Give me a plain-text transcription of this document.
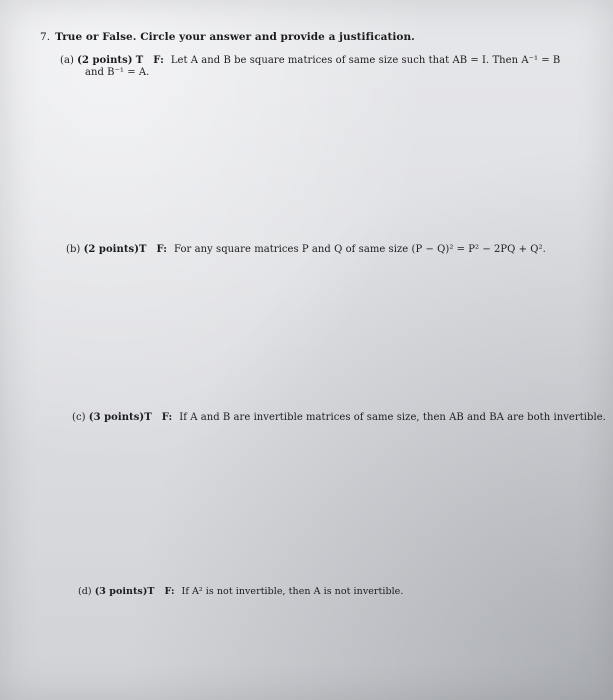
7. True or False. Circle your answer and provide a justification.
(a) (2 points) T F: Let A and B be square matrices of same size such that AB = I. Then A⁻¹ = B
and B⁻¹ = A.
(b) (2 points)T F: For any square matrices P and Q of same size (P − Q)² = P² − 2PQ + Q².
(c) (3 points)T F: If A and B are invertible matrices of same size, then AB and BA are both invertible.
(d) (3 points)T F: If A² is not invertible, then A is not invertible.
